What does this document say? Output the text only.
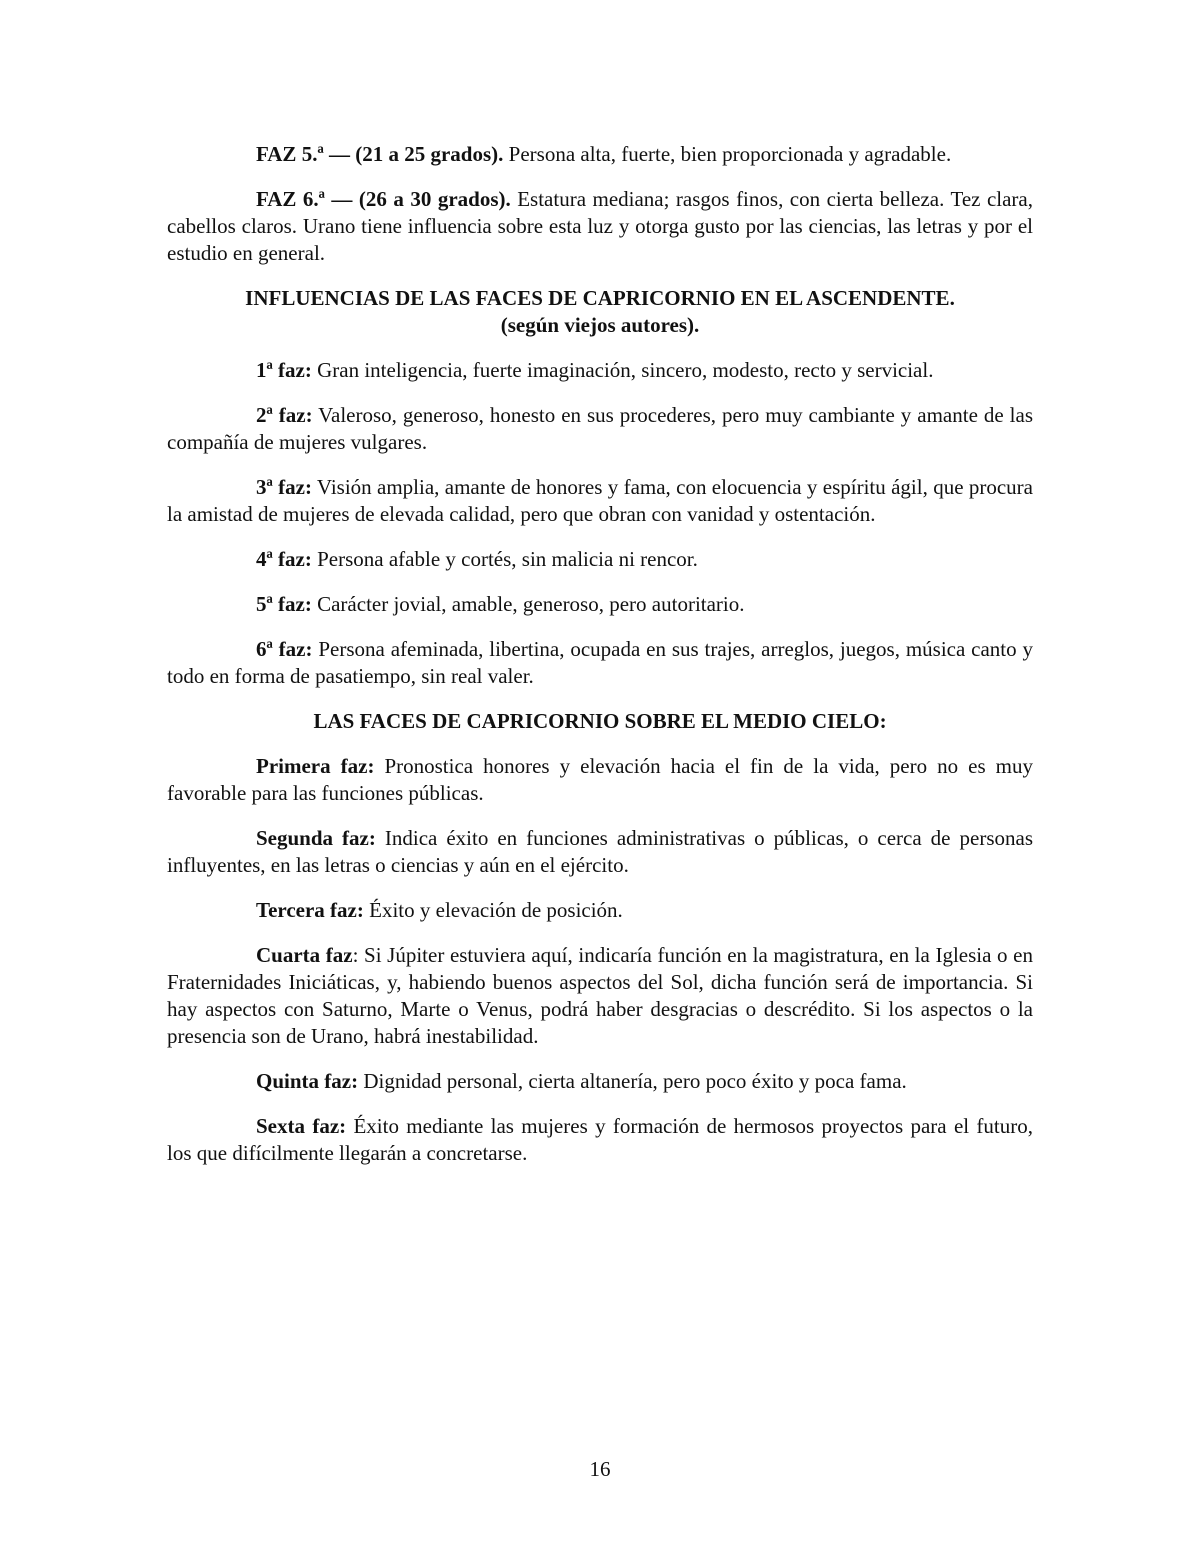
FAZ 5.ª — (21 a 25 grados). Persona alta, fuerte, bien proporcionada y agradable.

FAZ 6.ª — (26 a 30 grados). Estatura mediana; rasgos finos, con cierta belleza. Tez clara, cabellos claros. Urano tiene influencia sobre esta luz y otorga gusto por las ciencias, las letras y por el estudio en general.

INFLUENCIAS DE LAS FACES DE CAPRICORNIO EN EL ASCENDENTE.
(según viejos autores).

1ª faz: Gran inteligencia, fuerte imaginación, sincero, modesto, recto y servicial.

2ª faz: Valeroso, generoso, honesto en sus procederes, pero muy cambiante y amante de las compañía de mujeres vulgares.

3ª faz: Visión amplia, amante de honores y fama, con elocuencia y espíritu ágil, que procura la amistad de mujeres de elevada calidad, pero que obran con vanidad y ostentación.

4ª faz: Persona afable y cortés, sin malicia ni rencor.

5ª faz: Carácter jovial, amable, generoso, pero autoritario.

6ª faz: Persona afeminada, libertina, ocupada en sus trajes, arreglos, juegos, música canto y todo en forma de pasatiempo, sin real valer.

LAS FACES DE CAPRICORNIO SOBRE EL MEDIO CIELO:

Primera faz: Pronostica honores y elevación hacia el fin de la vida, pero no es muy favorable para las funciones públicas.

Segunda faz: Indica éxito en funciones administrativas o públicas, o cerca de personas influyentes, en las letras o ciencias y aún en el ejército.

Tercera faz: Éxito y elevación de posición.

Cuarta faz: Si Júpiter estuviera aquí, indicaría función en la magistratura, en la Iglesia o en Fraternidades Iniciáticas, y, habiendo buenos aspectos del Sol, dicha función será de importancia. Si hay aspectos con Saturno, Marte o Venus, podrá haber desgracias o descrédito. Si los aspectos o la presencia son de Urano, habrá inestabilidad.

Quinta faz: Dignidad personal, cierta altanería, pero poco éxito y poca fama.

Sexta faz: Éxito mediante las mujeres y formación de hermosos proyectos para el futuro, los que difícilmente llegarán a concretarse.

16
